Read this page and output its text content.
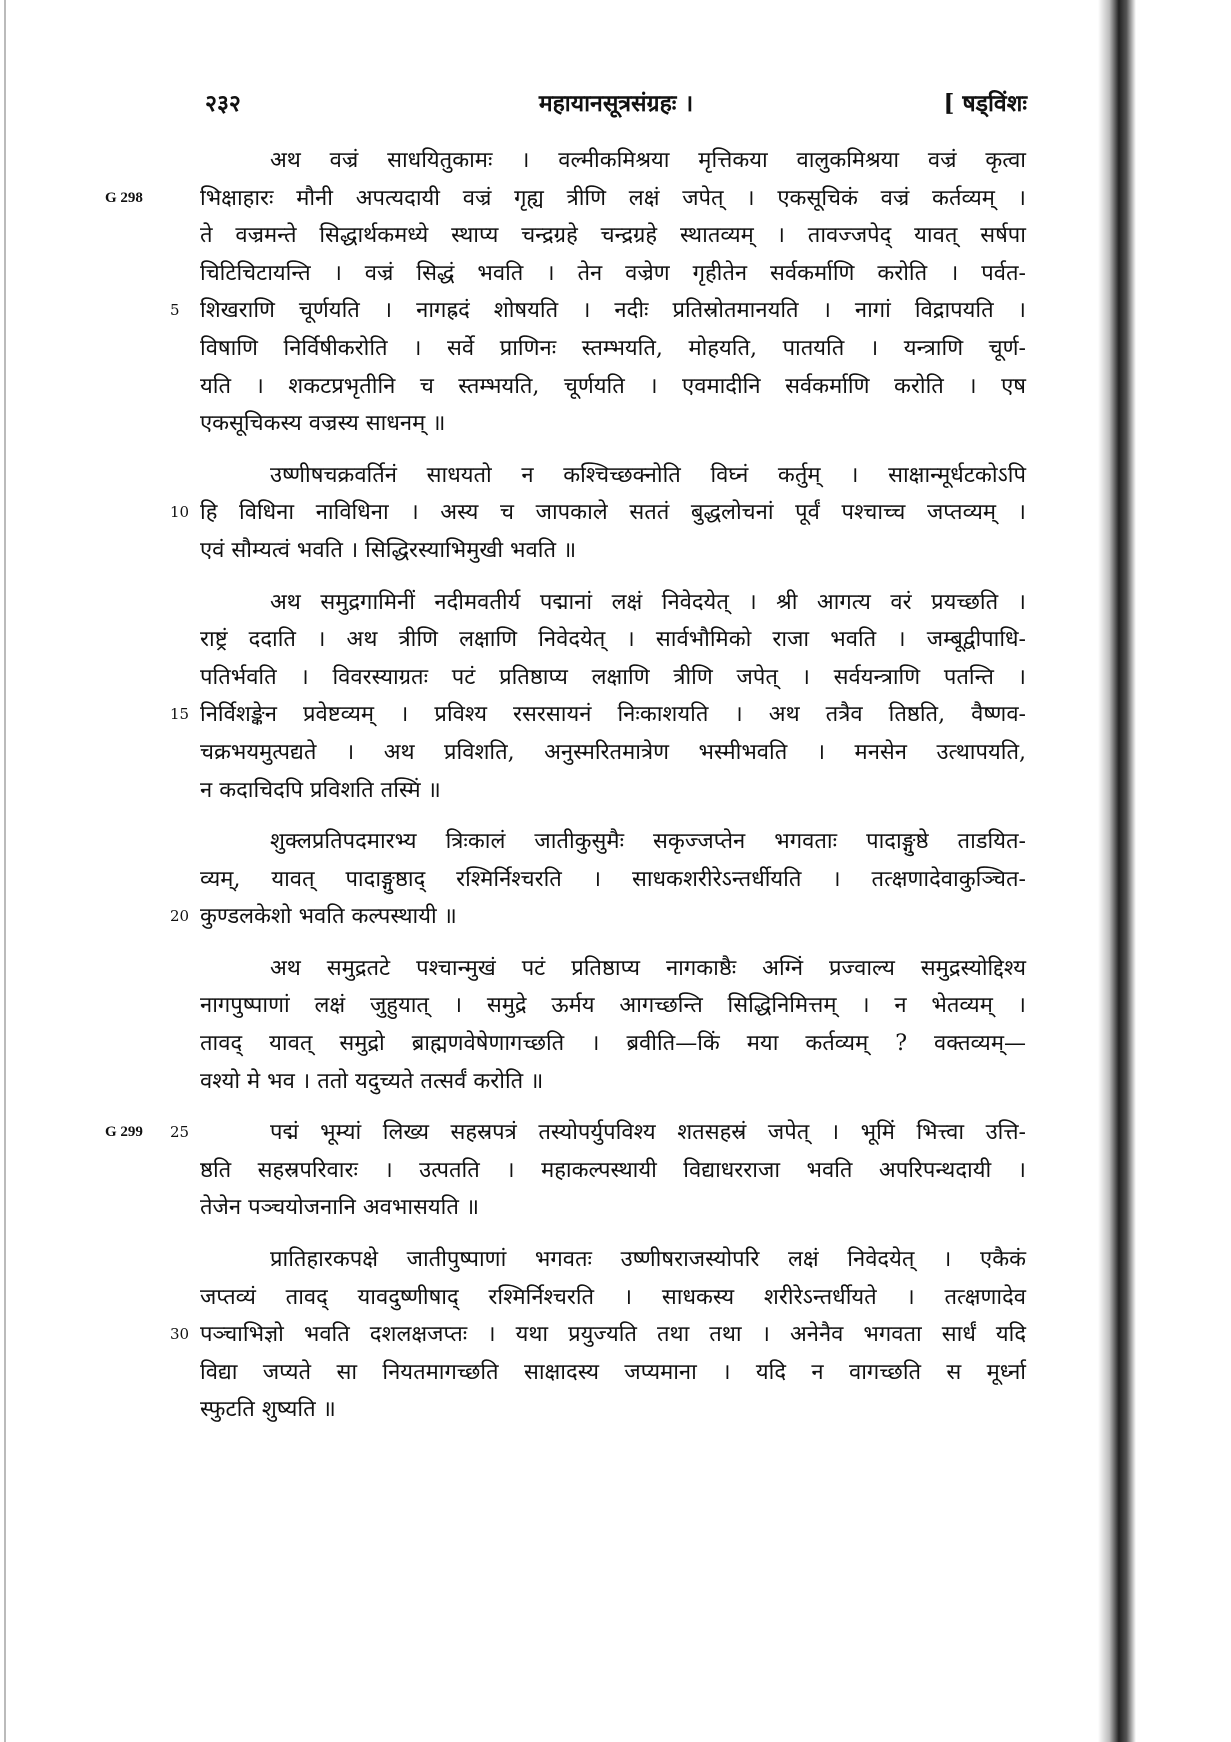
२३२	महायानसूत्रसंग्रहः ।	[ षड्विंशः
अथ वज्रं साधयितुकामः । वल्मीकमिश्रया मृत्तिकया वालुकमिश्रया वज्रं कृत्वा
भिक्षाहारः मौनी अपत्यदायी वज्रं गृह्य त्रीणि लक्षं जपेत् । एकसूचिकं वज्रं कर्तव्यम् ।
G 298
ते वज्रमन्ते सिद्धार्थकमध्ये स्थाप्य चन्द्रग्रहे चन्द्रग्रहे स्थातव्यम् । तावज्जपेद् यावत् सर्षपा
चिटिचिटायन्ति । वज्रं सिद्धं भवति । तेन वज्रेण गृहीतेन सर्वकर्माणि करोति । पर्वत-
शिखराणि चूर्णयति । नागह्रदं शोषयति । नदीः प्रतिस्रोतमानयति । नागां विद्रापयति ।
5
विषाणि निर्विषीकरोति । सर्वे प्राणिनः स्तम्भयति, मोहयति, पातयति । यन्त्राणि चूर्ण-
यति । शकटप्रभृतीनि च स्तम्भयति, चूर्णयति । एवमादीनि सर्वकर्माणि करोति । एष
एकसूचिकस्य वज्रस्य साधनम् ॥
उष्णीषचक्रवर्तिनं साधयतो न कश्चिच्छक्नोति विघ्नं कर्तुम् । साक्षान्मूर्धटकोऽपि
हि विधिना नाविधिना । अस्य च जापकाले सततं बुद्धलोचनां पूर्वं पश्चाच्च जप्तव्यम् ।
10
एवं सौम्यत्वं भवति । सिद्धिरस्याभिमुखी भवति ॥
अथ समुद्रगामिनीं नदीमवतीर्य पद्मानां लक्षं निवेदयेत् । श्री आगत्य वरं प्रयच्छति ।
राष्ट्रं ददाति । अथ त्रीणि लक्षाणि निवेदयेत् । सार्वभौमिको राजा भवति । जम्बूद्वीपाधि-
पतिर्भवति । विवरस्याग्रतः पटं प्रतिष्ठाप्य लक्षाणि त्रीणि जपेत् । सर्वयन्त्राणि पतन्ति ।
निर्विशङ्केन प्रवेष्टव्यम् । प्रविश्य रसरसायनं निःकाशयति । अथ तत्रैव तिष्ठति, वैष्णव-
15
चक्रभयमुत्पद्यते । अथ प्रविशति, अनुस्मरितमात्रेण भस्मीभवति । मनसेन उत्थापयति,
न कदाचिदपि प्रविशति तस्मिं ॥
शुक्लप्रतिपदमारभ्य त्रिःकालं जातीकुसुमैः सकृज्जप्तेन भगवताः पादाङ्गुष्ठे ताडयित-
व्यम्, यावत् पादाङ्गुष्ठाद् रश्मिर्निश्चरति । साधकशरीरेऽन्तर्धीयति । तत्क्षणादेवाकुञ्चित-
कुण्डलकेशो भवति कल्पस्थायी ॥
20
अथ समुद्रतटे पश्चान्मुखं पटं प्रतिष्ठाप्य नागकाष्ठैः अग्निं प्रज्वाल्य समुद्रस्योद्दिश्य
नागपुष्पाणां लक्षं जुहुयात् । समुद्रे ऊर्मय आगच्छन्ति सिद्धिनिमित्तम् । न भेतव्यम् ।
तावद् यावत् समुद्रो ब्राह्मणवेषेणागच्छति । ब्रवीति—किं मया कर्तव्यम् ? वक्तव्यम्—
वश्यो मे भव । ततो यदुच्यते तत्सर्वं करोति ॥
पद्मं भूम्यां लिख्य सहस्रपत्रं तस्योपर्युपविश्य शतसहस्रं जपेत् । भूमिं भित्त्वा उत्ति-
25
G 299
ष्ठति सहस्रपरिवारः । उत्पतति । महाकल्पस्थायी विद्याधरराजा भवति अपरिपन्थदायी ।
तेजेन पञ्चयोजनानि अवभासयति ॥
प्रातिहारकपक्षे जातीपुष्पाणां भगवतः उष्णीषराजस्योपरि लक्षं निवेदयेत् । एकैकं
जप्तव्यं तावद् यावदुष्णीषाद् रश्मिर्निश्चरति । साधकस्य शरीरेऽन्तर्धीयते । तत्क्षणादेव
पञ्चाभिज्ञो भवति दशलक्षजप्तः । यथा प्रयुज्यति तथा तथा । अनेनैव भगवता सार्धं यदि
30
विद्या जप्यते सा नियतमागच्छति साक्षादस्य जप्यमाना । यदि न वागच्छति स मूर्ध्ना
स्फुटति शुष्यति ॥
